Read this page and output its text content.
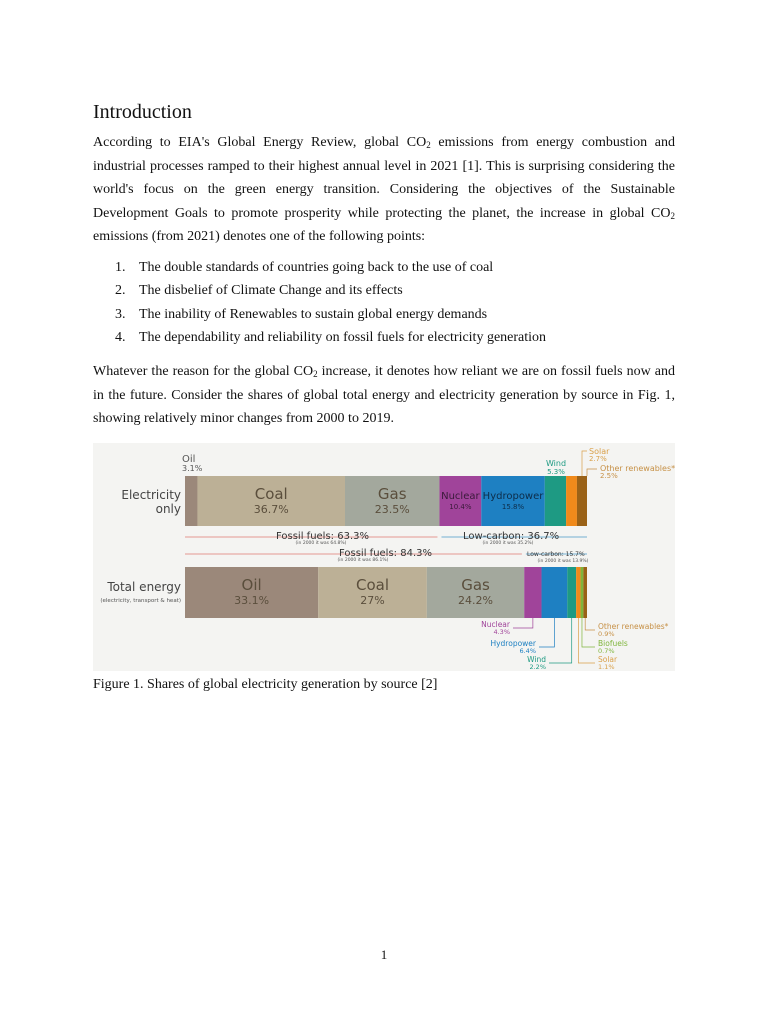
Introduction
According to EIA's Global Energy Review, global $CO_2$ emissions from energy combustion and
industrial processes ramped to their highest annual level in 2021 [1]. This is surprising considering the
world's focus on the green energy transition. Considering the objectives of the Sustainable
Development Goals to promote prosperity while protecting the planet, the increase in global $CO_2$
emissions (from 2021) denotes one of the following points:
1. The double standards of countries going back to the use of coal
2. The disbelief of Climate Change and its effects
3. The inability of Renewables to sustain global energy demands
4. The dependability and reliability on fossil fuels for electricity generation
Whatever the reason for the global $CO_2$ increase, it denotes how reliant we are on fossil fuels now and
in the future. Consider the shares of global total energy and electricity generation by source in Fig. 1,
showing relatively minor changes from 2000 to 2019.
Electricity
only
Total energy
(electricity, transport & heat)
Coal
36.7%
Gas
23.5%
Nuclear
10.4%
Hydropower
15.8%
Oil
3.1%
Wind
5.3%
Solar
2.7%
Other renewables*
2.5%
Fossil fuels: 63.3%
(in 2000 it was 64.8%)
Low-carbon: 36.7%
(in 2000 it was 35.2%)
Fossil fuels: 84.3%
(in 2000 it was 86.1%)
Low-carbon: 15.7%
(in 2000 it was 13.9%)
Oil
33.1%
Coal
27%
Gas
24.2%
Nuclear
4.3%
Hydropower
6.4%
Wind
2.2%
Other renewables*
0.9%
Biofuels
0.7%
Solar
1.1%
Figure 1. Shares of global electricity generation by source [2]
1
